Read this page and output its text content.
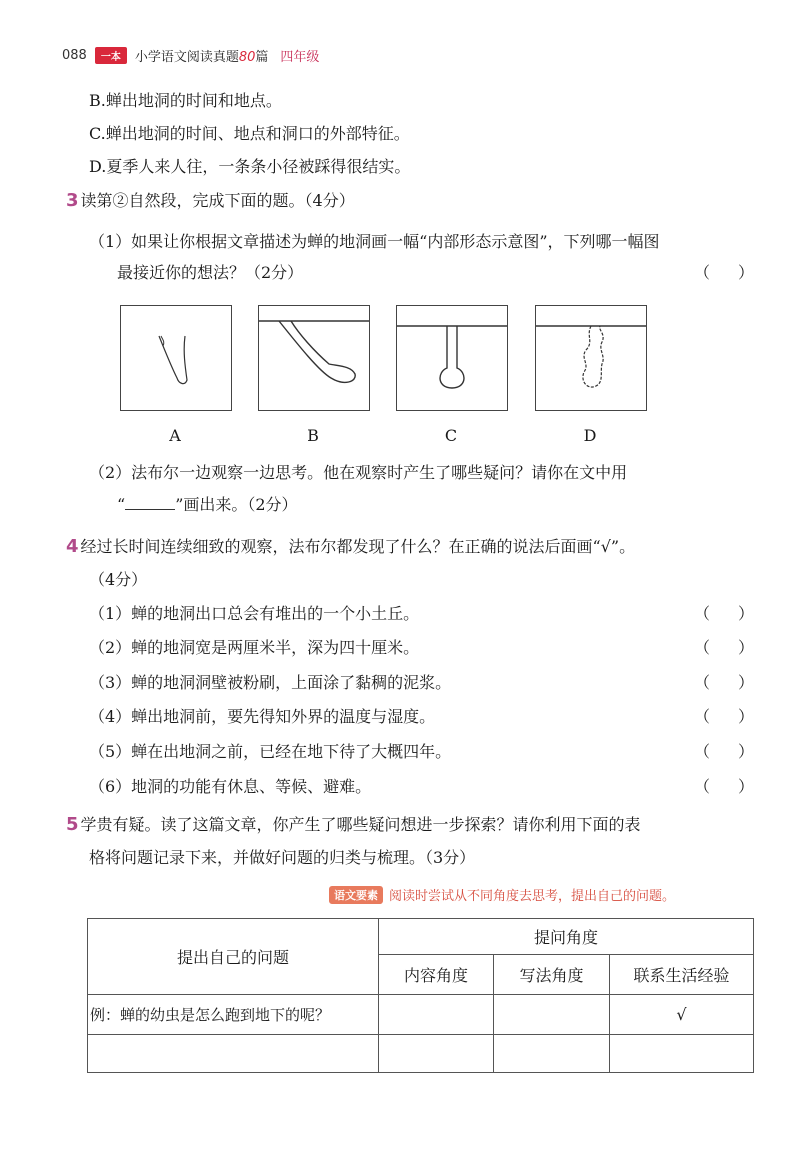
088	一本	小学语文阅读真题80篇 四年级
B.蝉出地洞的时间和地点。
C.蝉出地洞的时间、地点和洞口的外部特征。
D.夏季人来人往，一条条小径被踩得很结实。
3 读第②自然段，完成下面的题。（4分）
（1）如果让你根据文章描述为蝉的地洞画一幅“内部形态示意图”，下列哪一幅图
最接近你的想法？（2分）	（ ）
A	B	C	D
（2）法布尔一边观察一边思考。他在观察时产生了哪些疑问？请你在文中用
“	”画出来。（2分）
4 经过长时间连续细致的观察，法布尔都发现了什么？在正确的说法后面画“√”。
（4分）
（1）蝉的地洞出口总会有堆出的一个小土丘。	（ ）
（2）蝉的地洞宽是两厘米半，深为四十厘米。	（ ）
（3）蝉的地洞洞壁被粉刷，上面涂了黏稠的泥浆。	（ ）
（4）蝉出地洞前，要先得知外界的温度与湿度。	（ ）
（5）蝉在出地洞之前，已经在地下待了大概四年。	（ ）
（6）地洞的功能有休息、等候、避难。	（ ）
5 学贵有疑。读了这篇文章，你产生了哪些疑问想进一步探索？请你利用下面的表
格将问题记录下来，并做好问题的归类与梳理。（3分）
语文要素 阅读时尝试从不同角度去思考，提出自己的问题。
提出自己的问题	提问角度		
	内容角度	写法角度	联系生活经验
例：蝉的幼虫是怎么跑到地下的呢？			√
